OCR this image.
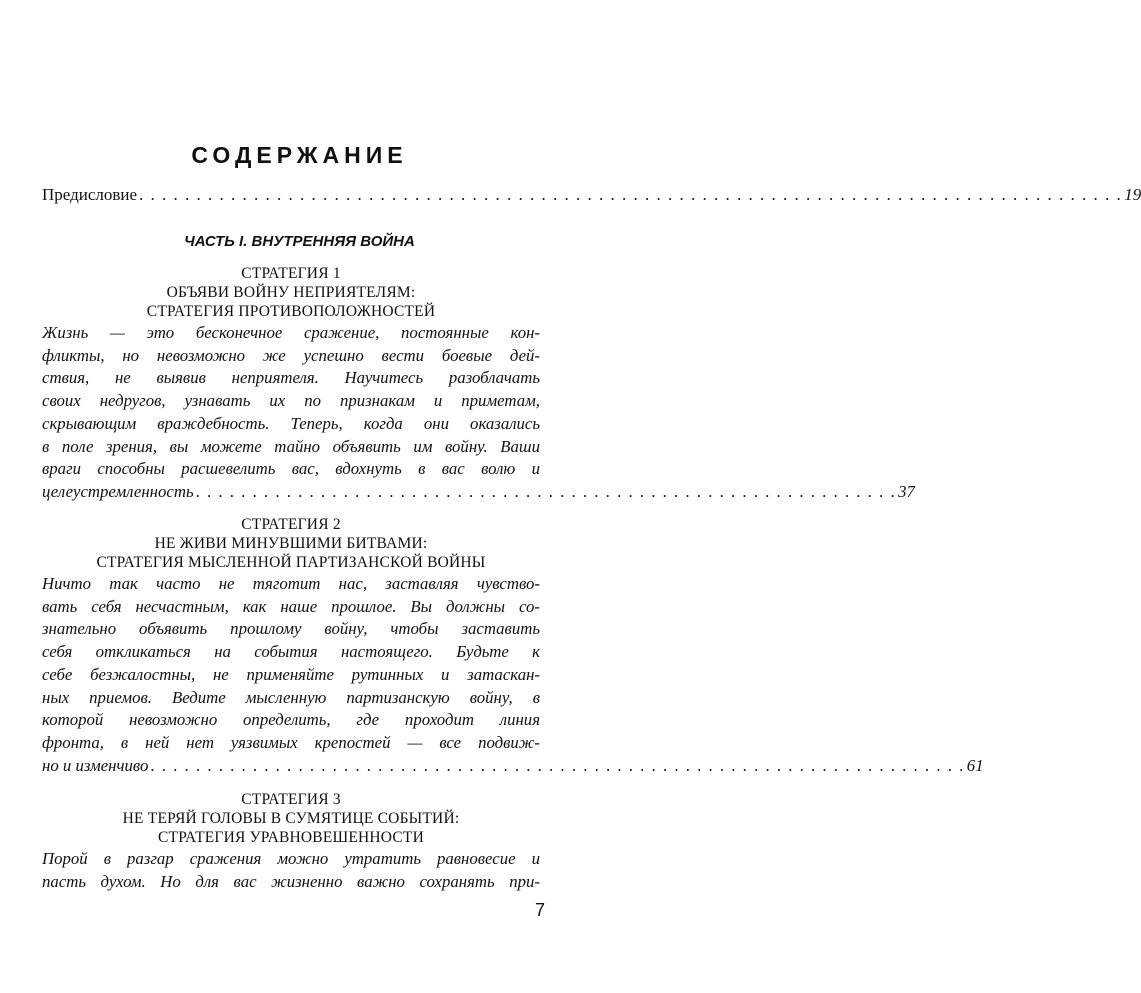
СОДЕРЖАНИЕ
Предисловие . . . . . . . . . . . . . . . . . . . . . . . . . . . . . . . . . . . . . . . . . . . . . . . . . . . . . . . . . . . . . . . . . . . . . . . . . . . . . . . . . . . . . . 19
ЧАСТЬ I. ВНУТРЕННЯЯ ВОЙНА
СТРАТЕГИЯ 1
ОБЪЯВИ ВОЙНУ НЕПРИЯТЕЛЯМ:
СТРАТЕГИЯ ПРОТИВОПОЛОЖНОСТЕЙ
Жизнь — это бесконечное сражение, постоянные кон-
фликты, но невозможно же успешно вести боевые дей-
ствия, не выявив неприятеля. Научитесь разоблачать
своих недругов, узнавать их по признакам и приметам,
скрывающим враждебность. Теперь, когда они оказались
в поле зрения, вы можете тайно объявить им войну. Ваши
враги способны расшевелить вас, вдохнуть в вас волю и
целеустремленность . . . . . . . . . . . . . . . . . . . . . . . . . . . . . . . . . . . . . . . . . . . . . . . . . . . . . . . . . . . . . . 37
СТРАТЕГИЯ 2
НЕ ЖИВИ МИНУВШИМИ БИТВАМИ:
СТРАТЕГИЯ МЫСЛЕННОЙ ПАРТИЗАНСКОЙ ВОЙНЫ
Ничто так часто не тяготит нас, заставляя чувство-
вать себя несчастным, как наше прошлое. Вы должны со-
знательно объявить прошлому войну, чтобы заставить
себя откликаться на события настоящего. Будьте к
себе безжалостны, не применяйте рутинных и затаскан-
ных приемов. Ведите мысленную партизанскую войну, в
которой невозможно определить, где проходит линия
фронта, в ней нет уязвимых крепостей — все подвиж-
но и изменчиво . . . . . . . . . . . . . . . . . . . . . . . . . . . . . . . . . . . . . . . . . . . . . . . . . . . . . . . . . . . . . . . . . . . . . . . . 61
СТРАТЕГИЯ 3
НЕ ТЕРЯЙ ГОЛОВЫ В СУМЯТИЦЕ СОБЫТИЙ:
СТРАТЕГИЯ УРАВНОВЕШЕННОСТИ
Порой в разгар сражения можно утратить равновесие и
пасть духом. Но для вас жизненно важно сохранять при-
7
